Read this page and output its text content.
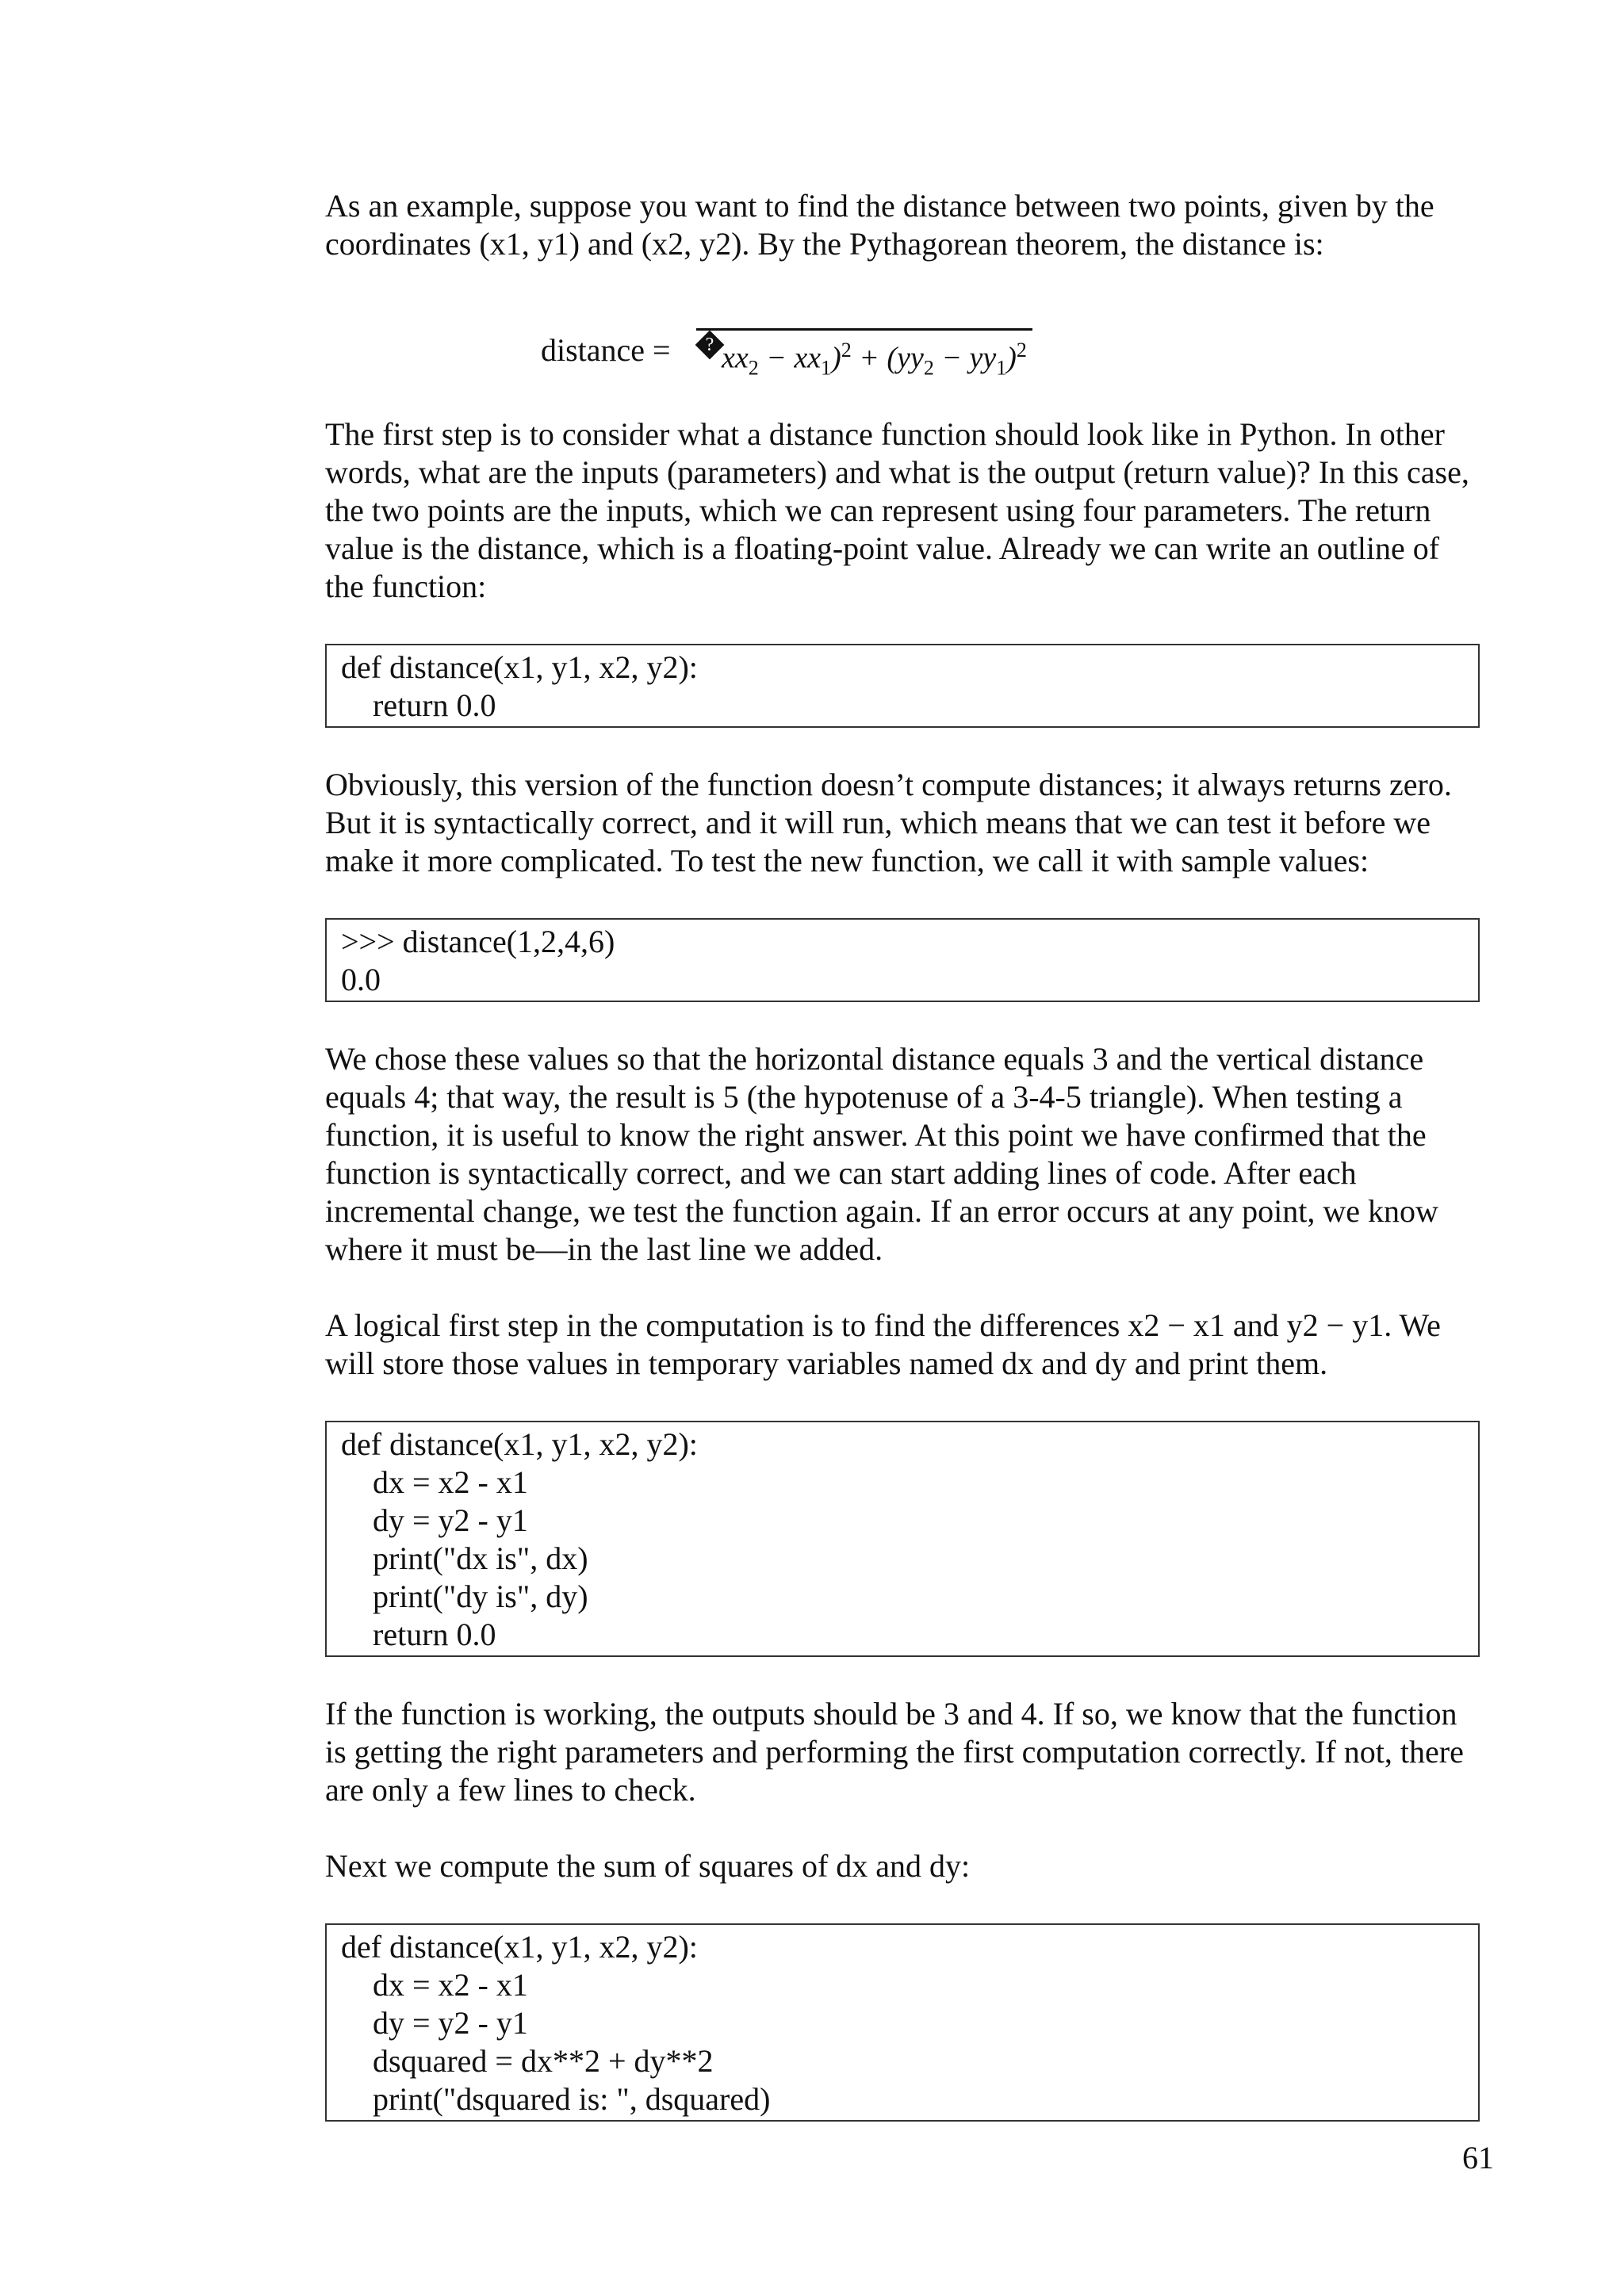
As an example, suppose you want to find the distance between two points, given by the coordinates (x1, y1) and (x2, y2). By the Pythagorean theorem, the distance is:

distance =	? $xx_2 - xx_1)^2 + (yy_2 - yy_1)^2$

The first step is to consider what a distance function should look like in Python. In other words, what are the inputs (parameters) and what is the output (return value)? In this case, the two points are the inputs, which we can represent using four parameters. The return value is the distance, which is a floating-point value. Already we can write an outline of the function:

def distance(x1, y1, x2, y2):
return 0.0

Obviously, this version of the function doesn’t compute distances; it always returns zero. But it is syntactically correct, and it will run, which means that we can test it before we make it more complicated. To test the new function, we call it with sample values:

>>> distance(1,2,4,6)
0.0

We chose these values so that the horizontal distance equals 3 and the vertical distance equals 4; that way, the result is 5 (the hypotenuse of a 3-4-5 triangle). When testing a function, it is useful to know the right answer. At this point we have confirmed that the function is syntactically correct, and we can start adding lines of code. After each incremental change, we test the function again. If an error occurs at any point, we know where it must be—in the last line we added.

A logical first step in the computation is to find the differences x2 − x1 and y2 − y1. We will store those values in temporary variables named dx and dy and print them.

def distance(x1, y1, x2, y2):
dx = x2 - x1
dy = y2 - y1
print("dx is", dx)
print("dy is", dy)
return 0.0

If the function is working, the outputs should be 3 and 4. If so, we know that the function is getting the right parameters and performing the first computation correctly. If not, there are only a few lines to check.

Next we compute the sum of squares of dx and dy:

def distance(x1, y1, x2, y2):
dx = x2 - x1
dy = y2 - y1
dsquared = dx**2 + dy**2
print("dsquared is: ", dsquared)
61
